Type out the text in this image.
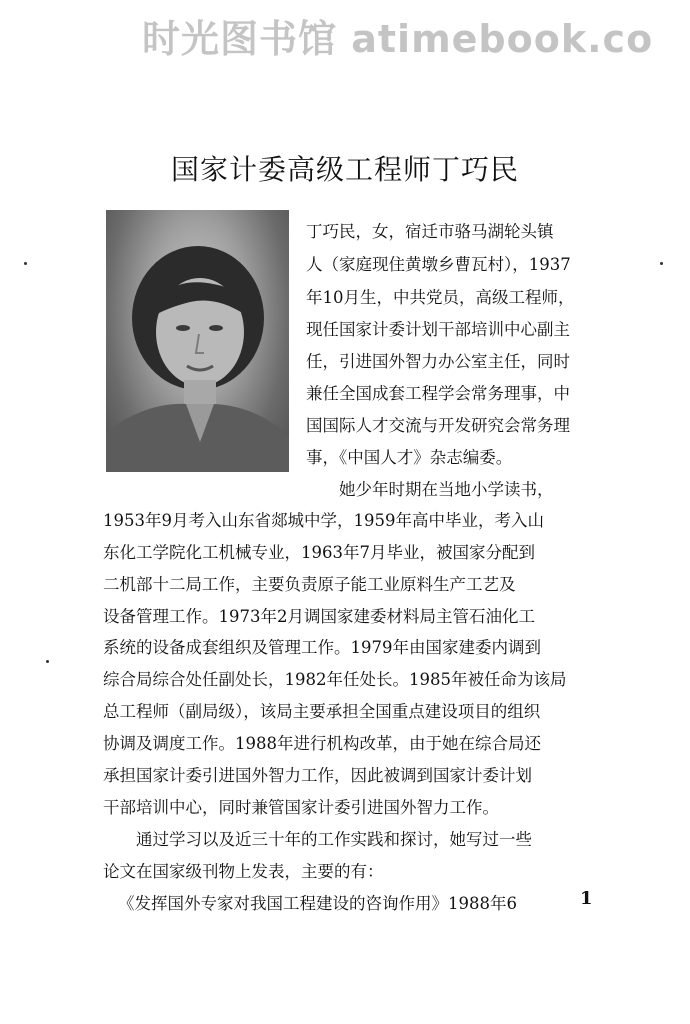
时光图书馆 atimebook.co
国家计委高级工程师丁巧民
丁巧民，女，宿迁市骆马湖轮头镇
人（家庭现住黄墩乡曹瓦村），1937
年10月生，中共党员，高级工程师，
现任国家计委计划干部培训中心副主
任，引进国外智力办公室主任，同时
兼任全国成套工程学会常务理事，中
国国际人才交流与开发研究会常务理
事，《中国人才》杂志编委。
她少年时期在当地小学读书，
1953年9月考入山东省郯城中学，1959年高中毕业，考入山
东化工学院化工机械专业，1963年7月毕业，被国家分配到
二机部十二局工作，主要负责原子能工业原料生产工艺及
设备管理工作。1973年2月调国家建委材料局主管石油化工
系统的设备成套组织及管理工作。1979年由国家建委内调到
综合局综合处任副处长，1982年任处长。1985年被任命为该局
总工程师（副局级），该局主要承担全国重点建设项目的组织
协调及调度工作。1988年进行机构改革，由于她在综合局还
承担国家计委引进国外智力工作，因此被调到国家计委计划
干部培训中心，同时兼管国家计委引进国外智力工作。
通过学习以及近三十年的工作实践和探讨，她写过一些
论文在国家级刊物上发表，主要的有：
《发挥国外专家对我国工程建设的咨询作用》1988年6	1
